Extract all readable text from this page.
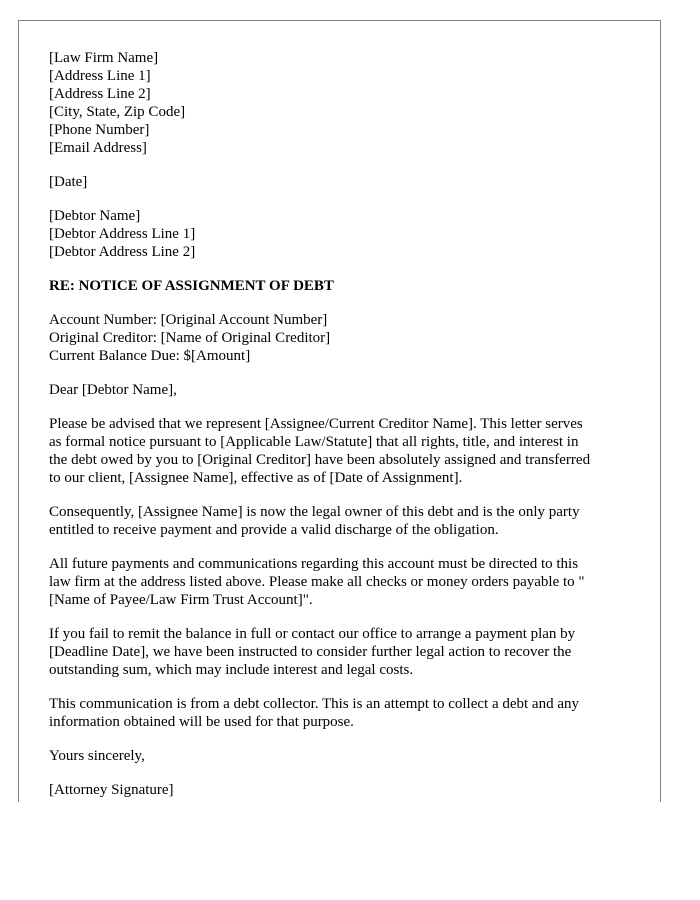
[Law Firm Name]
[Address Line 1]
[Address Line 2]
[City, State, Zip Code]
[Phone Number]
[Email Address]
[Date]
[Debtor Name]
[Debtor Address Line 1]
[Debtor Address Line 2]
RE: NOTICE OF ASSIGNMENT OF DEBT
Account Number: [Original Account Number]
Original Creditor: [Name of Original Creditor]
Current Balance Due: $[Amount]
Dear [Debtor Name],
Please be advised that we represent [Assignee/Current Creditor Name]. This letter serves
as formal notice pursuant to [Applicable Law/Statute] that all rights, title, and interest in
the debt owed by you to [Original Creditor] have been absolutely assigned and transferred
to our client, [Assignee Name], effective as of [Date of Assignment].
Consequently, [Assignee Name] is now the legal owner of this debt and is the only party
entitled to receive payment and provide a valid discharge of the obligation.
All future payments and communications regarding this account must be directed to this
law firm at the address listed above. Please make all checks or money orders payable to "
[Name of Payee/Law Firm Trust Account]".
If you fail to remit the balance in full or contact our office to arrange a payment plan by
[Deadline Date], we have been instructed to consider further legal action to recover the
outstanding sum, which may include interest and legal costs.
This communication is from a debt collector. This is an attempt to collect a debt and any
information obtained will be used for that purpose.
Yours sincerely,
[Attorney Signature]
